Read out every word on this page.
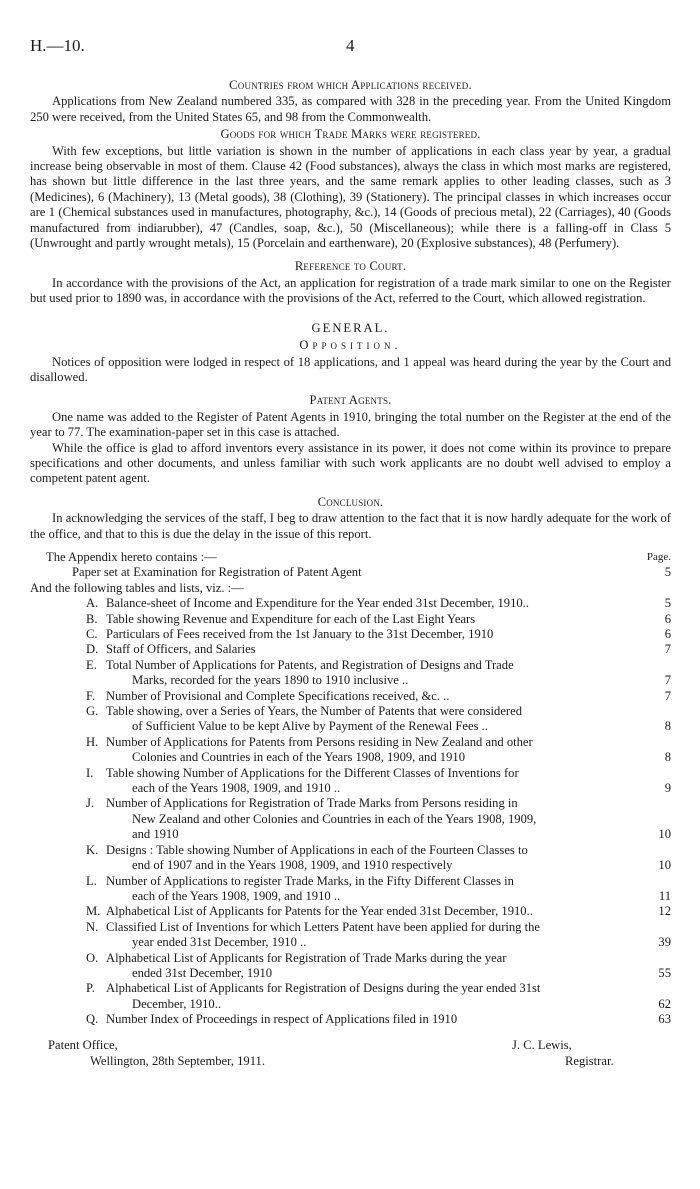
H.—10.	4
Countries from which Applications received.

Applications from New Zealand numbered 335, as compared with 328 in the preceding year. From the United Kingdom 250 were received, from the United States 65, and 98 from the Commonwealth.

Goods for which Trade Marks were registered.

With few exceptions, but little variation is shown in the number of applications in each class year by year, a gradual increase being observable in most of them. Clause 42 (Food substances), always the class in which most marks are registered, has shown but little difference in the last three years, and the same remark applies to other leading classes, such as 3 (Medicines), 6 (Machinery), 13 (Metal goods), 38 (Clothing), 39 (Stationery). The principal classes in which increases occur are 1 (Chemical substances used in manufactures, photography, &c.), 14 (Goods of precious metal), 22 (Carriages), 40 (Goods manufactured from indiarubber), 47 (Candles, soap, &c.), 50 (Miscellaneous); while there is a falling-off in Class 5 (Unwrought and partly wrought metals), 15 (Porcelain and earthenware), 20 (Explosive substances), 48 (Perfumery).

Reference to Court.

In accordance with the provisions of the Act, an application for registration of a trade mark similar to one on the Register but used prior to 1890 was, in accordance with the provisions of the Act, referred to the Court, which allowed registration.

GENERAL.
Opposition.

Notices of opposition were lodged in respect of 18 applications, and 1 appeal was heard during the year by the Court and disallowed.

Patent Agents.

One name was added to the Register of Patent Agents in 1910, bringing the total number on the Register at the end of the year to 77. The examination-paper set in this case is attached.

While the office is glad to afford inventors every assistance in its power, it does not come within its province to prepare specifications and other documents, and unless familiar with such work applicants are no doubt well advised to employ a competent patent agent.

Conclusion.

In acknowledging the services of the staff, I beg to draw attention to the fact that it is now hardly adequate for the work of the office, and that to this is due the delay in the issue of this report.

The Appendix hereto contains :—	Page.
Paper set at Examination for Registration of Patent Agent	5
And the following tables and lists, viz. :—
A. Balance-sheet of Income and Expenditure for the Year ended 31st December, 1910..	5
B. Table showing Revenue and Expenditure for each of the Last Eight Years	6
C. Particulars of Fees received from the 1st January to the 31st December, 1910	6
D. Staff of Officers, and Salaries	7
E. Total Number of Applications for Patents, and Registration of Designs and Trade
Marks, recorded for the years 1890 to 1910 inclusive ..	7
F. Number of Provisional and Complete Specifications received, &c. ..	7
G. Table showing, over a Series of Years, the Number of Patents that were considered
of Sufficient Value to be kept Alive by Payment of the Renewal Fees ..	8
H. Number of Applications for Patents from Persons residing in New Zealand and other
Colonies and Countries in each of the Years 1908, 1909, and 1910	8
I. Table showing Number of Applications for the Different Classes of Inventions for
each of the Years 1908, 1909, and 1910 ..	9
J. Number of Applications for Registration of Trade Marks from Persons residing in
New Zealand and other Colonies and Countries in each of the Years 1908, 1909,
and 1910	10
K. Designs : Table showing Number of Applications in each of the Fourteen Classes to
end of 1907 and in the Years 1908, 1909, and 1910 respectively	10
L. Number of Applications to register Trade Marks, in the Fifty Different Classes in
each of the Years 1908, 1909, and 1910 ..	11
M. Alphabetical List of Applicants for Patents for the Year ended 31st December, 1910..	12
N. Classified List of Inventions for which Letters Patent have been applied for during the
year ended 31st December, 1910 ..	39
O. Alphabetical List of Applicants for Registration of Trade Marks during the year
ended 31st December, 1910	55
P. Alphabetical List of Applicants for Registration of Designs during the year ended 31st
December, 1910..	62
Q. Number Index of Proceedings in respect of Applications filed in 1910	63
Patent Office,
Wellington, 28th September, 1911.
J. C. Lewis,
Registrar.
